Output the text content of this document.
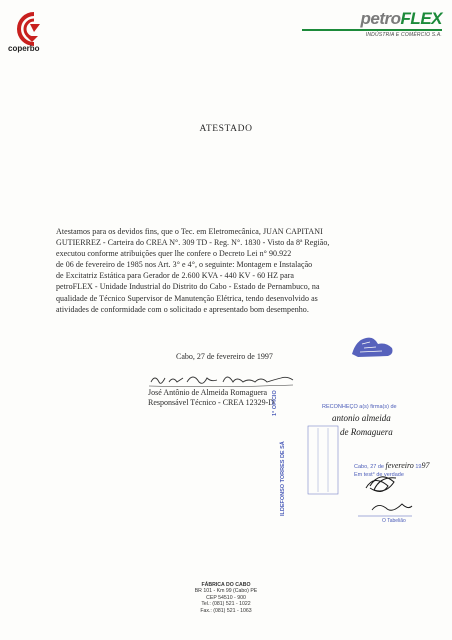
coperbo
petroFLEX
INDÚSTRIA E COMÉRCIO S.A.
ATESTADO

Atestamos para os devidos fins, que o Tec. em Eletromecânica, JUAN CAPITANI

GUTIERREZ - Carteira do CREA N°. 309 TD - Reg. N°. 1830 - Visto da 8ª Região,

executou conforme atribuições quer lhe confere o Decreto Lei n° 90.922

de 06 de fevereiro de 1985 nos Art. 3° e 4°, o seguinte: Montagem e Instalação

de Excitatriz Estática para Gerador de 2.600 KVA - 440 KV - 60 HZ para

petroFLEX - Unidade Industrial do Distrito do Cabo - Estado de Pernambuco, na

qualidade de Técnico Supervisor de Manutenção Elétrica, tendo desenvolvido as

atividades de conformidade com o solicitado e apresentado bom desempenho.

Cabo, 27 de fevereiro de 1997
José Antônio de Almeida Romaguera
Responsável Técnico - CREA 12329-D
1° OFÍCIO
ILDEFONSO TORRES DE SÁ
RECONHEÇO a(s) firma(s) de
antonio almeida
de Romaguera
Cabo, 27 de fevereiro 1997
Em test° de verdade
O Tabelião
FÁBRICA DO CABO
BR 101 - Km 99 (Cabo) PE
CEP 54510 - 900
Tel.: (081) 521 - 1022
Fax.: (081) 521 - 1063
